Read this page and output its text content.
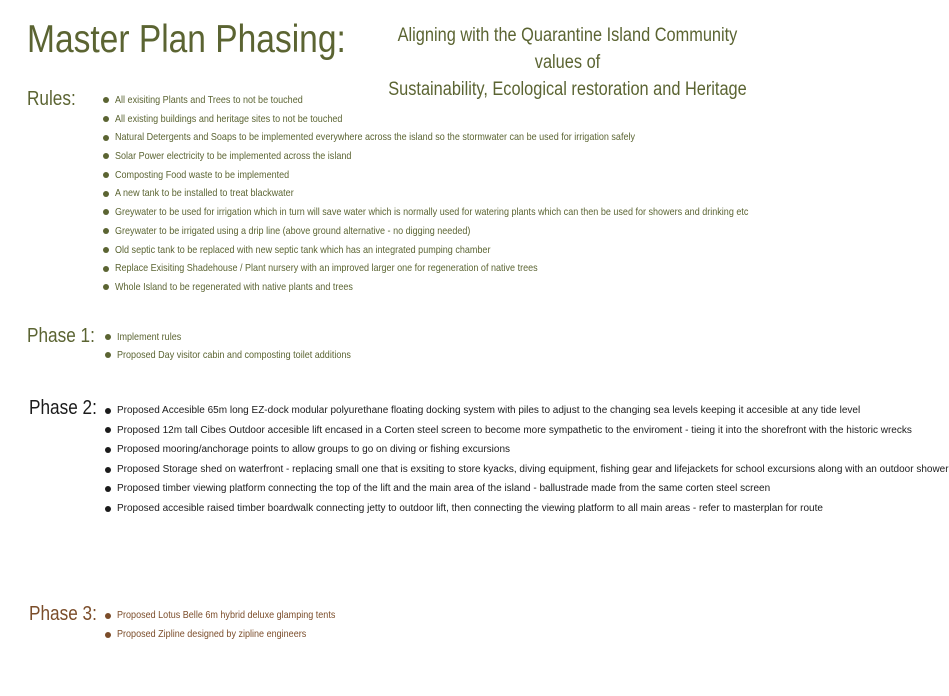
Master Plan Phasing:	Aligning with the Quarantine Island Community values of
Sustainability, Ecological restoration and Heritage
Rules:	All exisiting Plants and Trees to not be touched
All existing buildings and heritage sites to not be touched
Natural Detergents and Soaps to be implemented everywhere across the island so the stormwater can be used for irrigation safely
Solar Power electricity to be implemented across the island
Composting Food waste to be implemented
A new tank to be installed to treat blackwater
Greywater to be used for irrigation which in turn will save water which is normally used for watering plants which can then be used for showers and drinking etc
Greywater to be irrigated using a drip line (above ground alternative - no digging needed)
Old septic tank to be replaced with new septic tank which has an integrated pumping chamber
Replace Exisiting Shadehouse / Plant nursery with an improved larger one for regeneration of native trees
Whole Island to be regenerated with native plants and trees
Phase 1:	Implement rules
Proposed Day visitor cabin and composting toilet additions
Phase 2:	Proposed Accesible 65m long EZ-dock modular polyurethane floating docking system with piles to adjust to the changing sea levels keeping it accesible at any tide level
Proposed 12m tall Cibes Outdoor accesible lift encased in a Corten steel screen to become more sympathetic to the enviroment - tieing it into the shorefront with the historic wrecks
Proposed mooring/anchorage points to allow groups to go on diving or fishing excursions
Proposed Storage shed on waterfront - replacing small one that is exsiting to store kyacks, diving equipment, fishing gear and lifejackets for school excursions along with an outdoor shower
Proposed timber viewing platform connecting the top of the lift and the main area of the island - ballustrade made from the same corten steel screen
Proposed accesible raised timber boardwalk connecting jetty to outdoor lift, then connecting the viewing platform to all main areas - refer to masterplan for route
Phase 3:	Proposed Lotus Belle 6m hybrid deluxe glamping tents
Proposed Zipline designed by zipline engineers
